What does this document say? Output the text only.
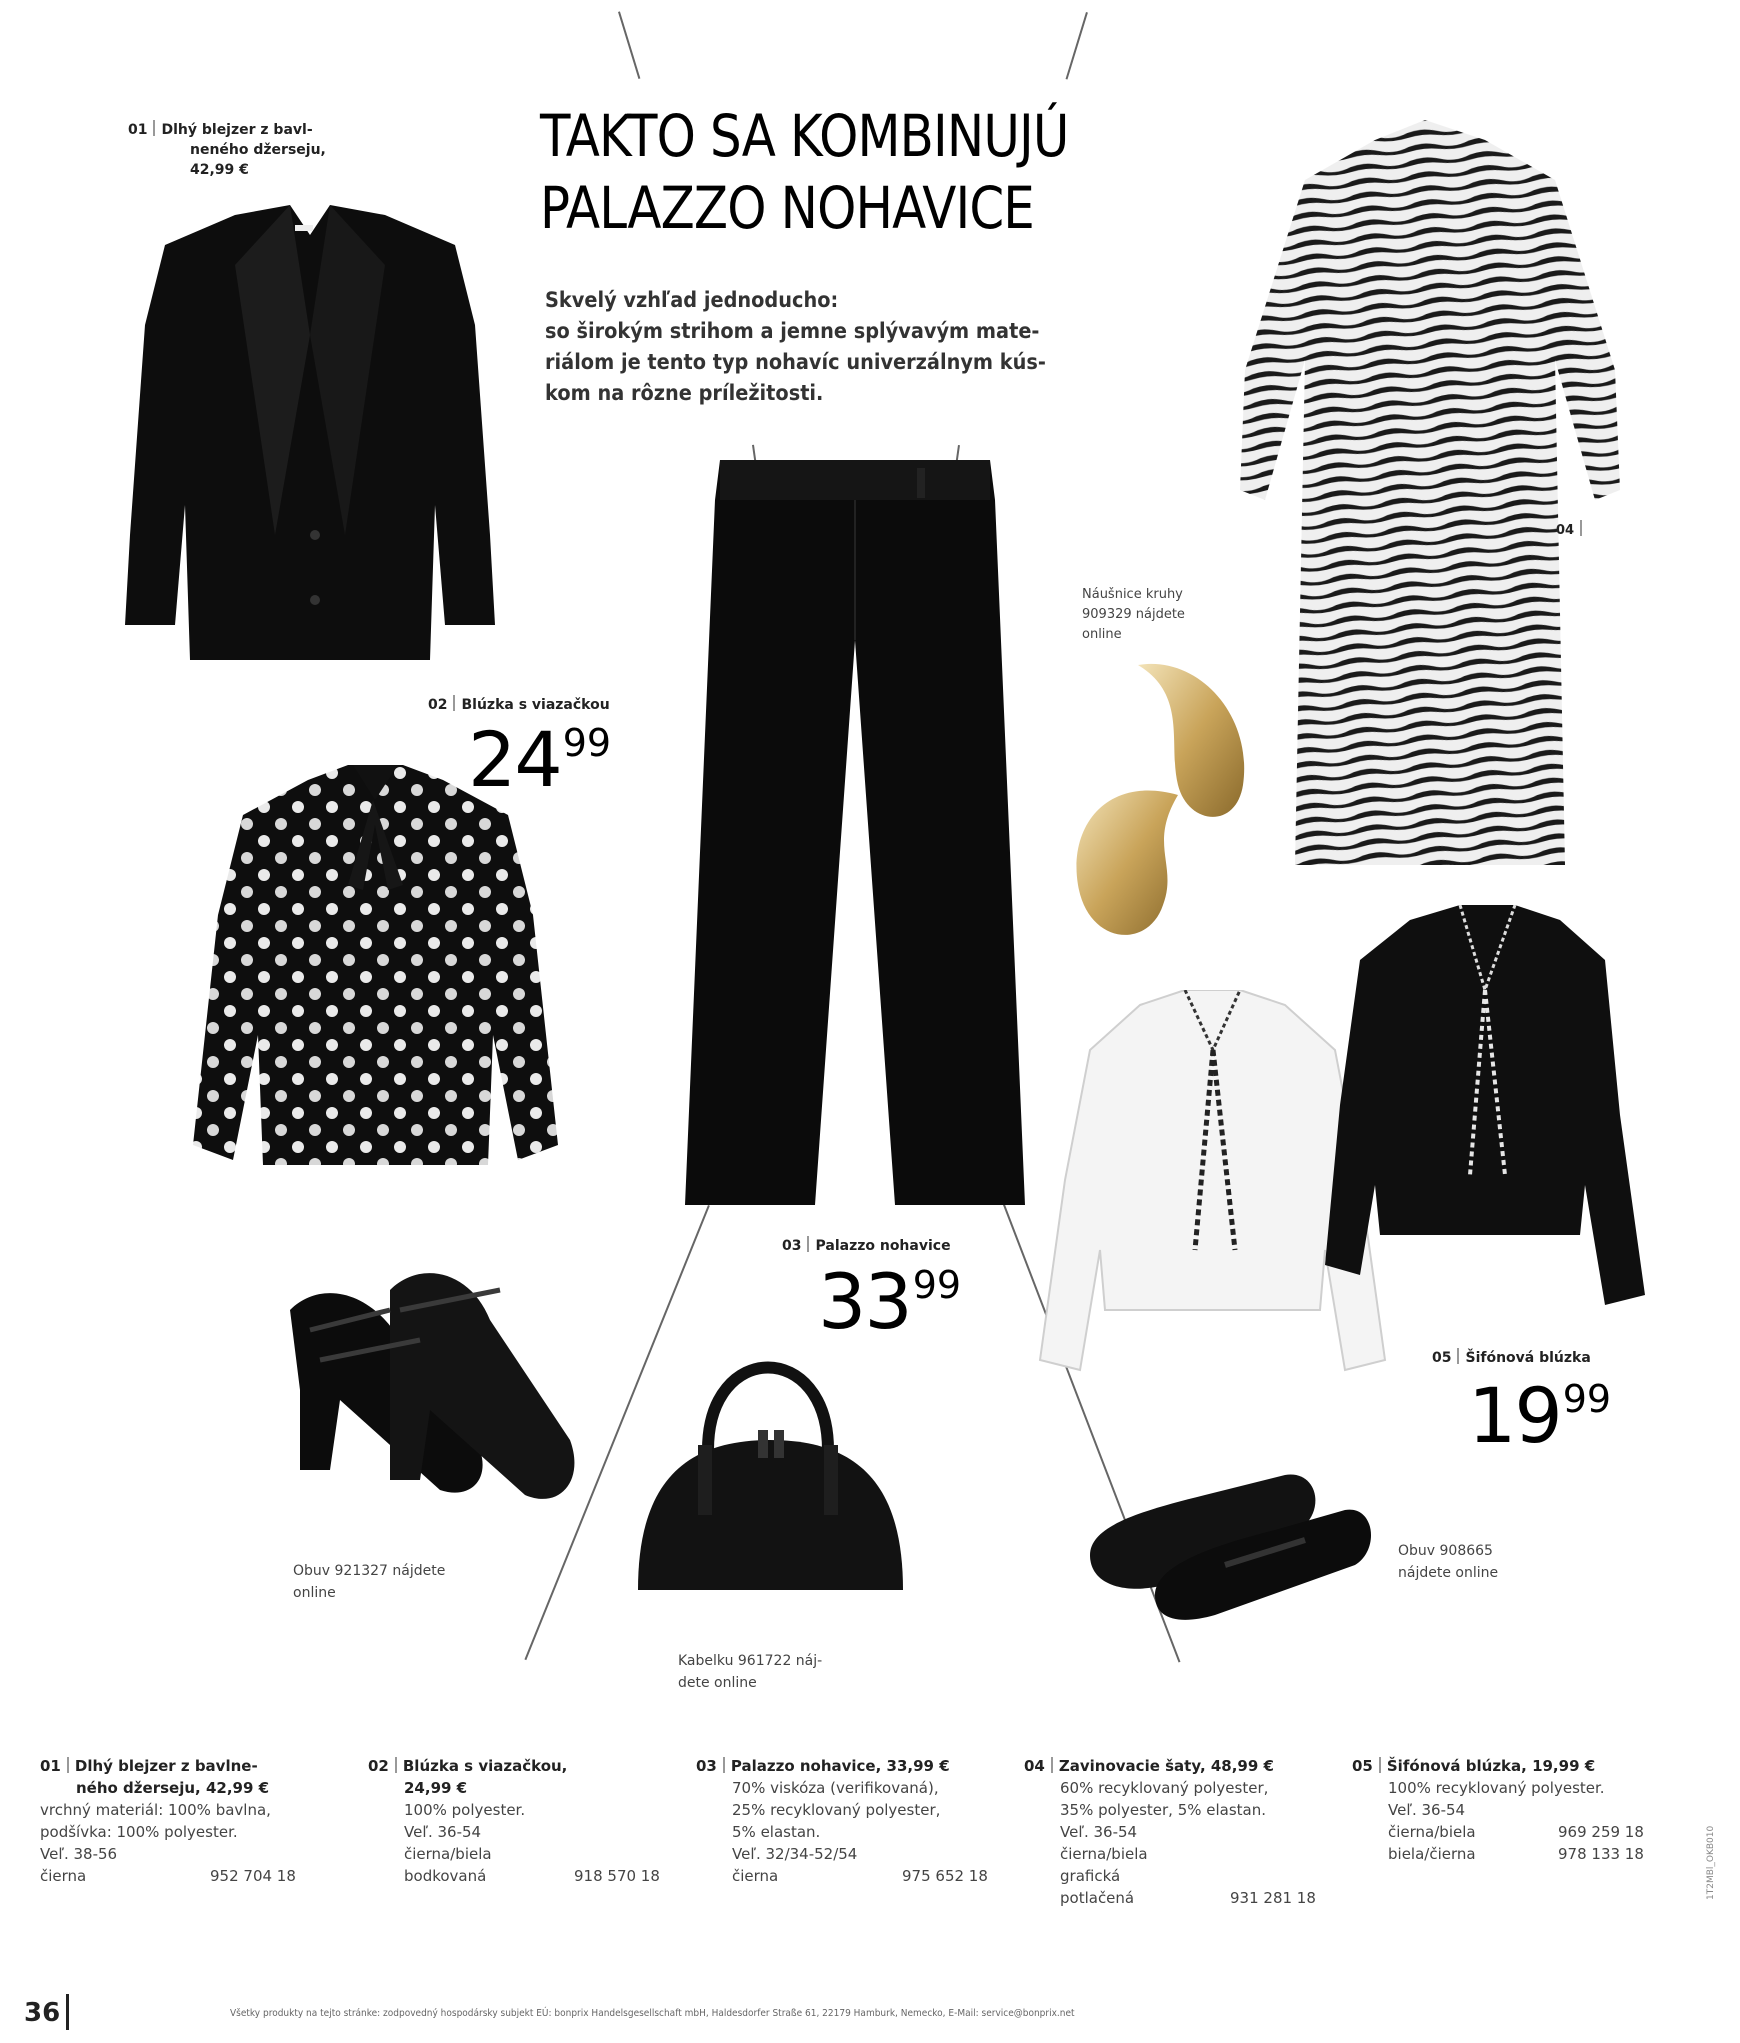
TAKTO SA KOMBINUJÚ
PALAZZO NOHAVICE
Skvelý vzhľad jednoducho:
so širokým strihom a jemne splývavým mate-
riálom je tento typ nohavíc univerzálnym kús-
kom na rôzne príležitosti.
01 Dlhý blejzer z bavl-
neného džerseju,
42,99 €
02 Blúzka s viazačkou
2499
03 Palazzo nohavice
3399
Náušnice kruhy
909329 nájdete
online
04
05 Šifónová blúzka
1999
Obuv 921327 nájdete
online
Kabelku 961722 náj-
dete online
Obuv 908665
nájdete online
01 Dlhý blejzer z bavlne-
ného džerseju, 42,99 €
vrchný materiál: 100% bavlna,
podšívka: 100% polyester.
Veľ. 38-56
čierna	952 704 18
02 Blúzka s viazačkou,
24,99 €
100% polyester.
Veľ. 36-54
čierna/biela
bodkovaná	918 570 18
03 Palazzo nohavice, 33,99 €
70% viskóza (verifikovaná),
25% recyklovaný polyester,
5% elastan.
Veľ. 32/34-52/54
čierna	975 652 18
04 Zavinovacie šaty, 48,99 €
60% recyklovaný polyester,
35% polyester, 5% elastan.
Veľ. 36-54
čierna/biela
grafická
potlačená	931 281 18
05 Šifónová blúzka, 19,99 €
100% recyklovaný polyester.
Veľ. 36-54
čierna/biela	969 259 18
biela/čierna	978 133 18
36	Všetky produkty na tejto stránke: zodpovedný hospodársky subjekt EÚ: bonprix Handelsgesellschaft mbH, Haldesdorfer Straße 61, 22179 Hamburk, Nemecko, E-Mail: service@bonprix.net
1T2MBl_OKB010
